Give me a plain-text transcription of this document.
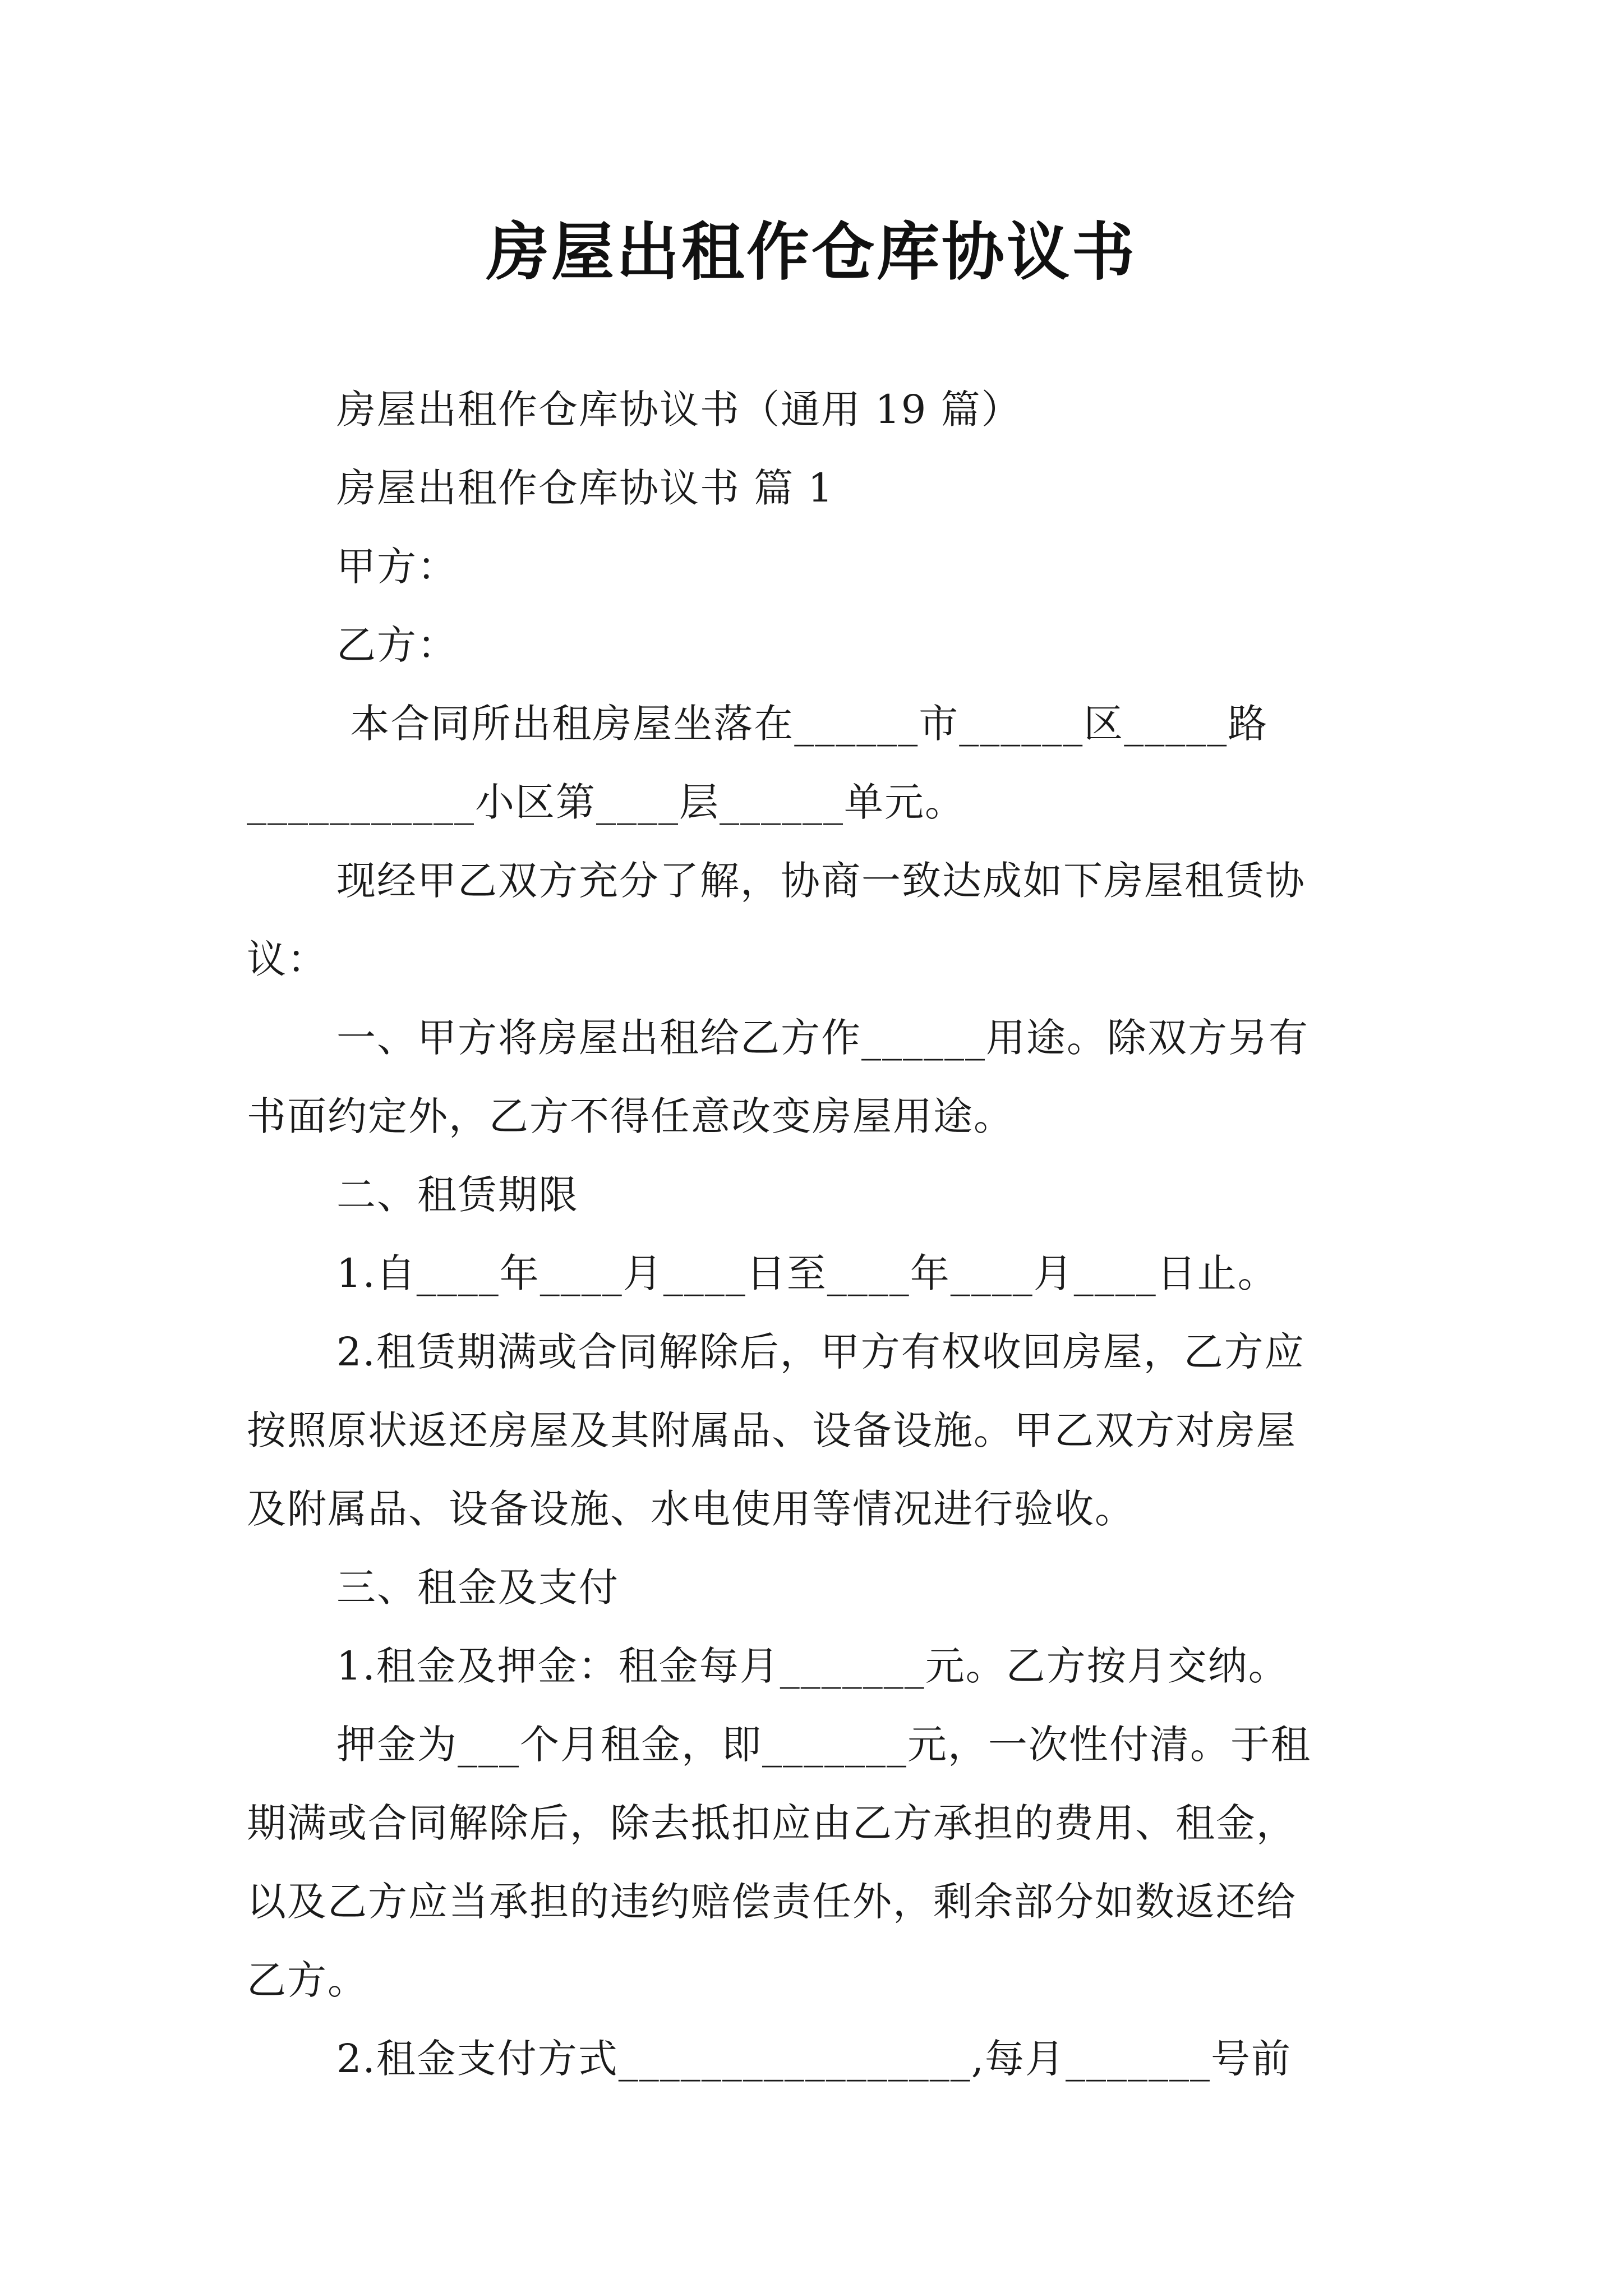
房屋出租作仓库协议书
房屋出租作仓库协议书（通用 19 篇）
房屋出租作仓库协议书 篇 1
甲方：
乙方：
本合同所出租房屋坐落在______市______区_____路
___________小区第____层______单元。
现经甲乙双方充分了解，协商一致达成如下房屋租赁协
议：
一、甲方将房屋出租给乙方作______用途。除双方另有
书面约定外，乙方不得任意改变房屋用途。
二、租赁期限
1.自____年____月____日至____年____月____日止。
2.租赁期满或合同解除后，甲方有权收回房屋，乙方应
按照原状返还房屋及其附属品、设备设施。甲乙双方对房屋
及附属品、设备设施、水电使用等情况进行验收。
三、租金及支付
1.租金及押金：租金每月_______元。乙方按月交纳。
押金为___个月租金，即_______元，一次性付清。于租
期满或合同解除后，除去抵扣应由乙方承担的费用、租金，
以及乙方应当承担的违约赔偿责任外，剩余部分如数返还给
乙方。
2.租金支付方式_________________,每月_______号前
